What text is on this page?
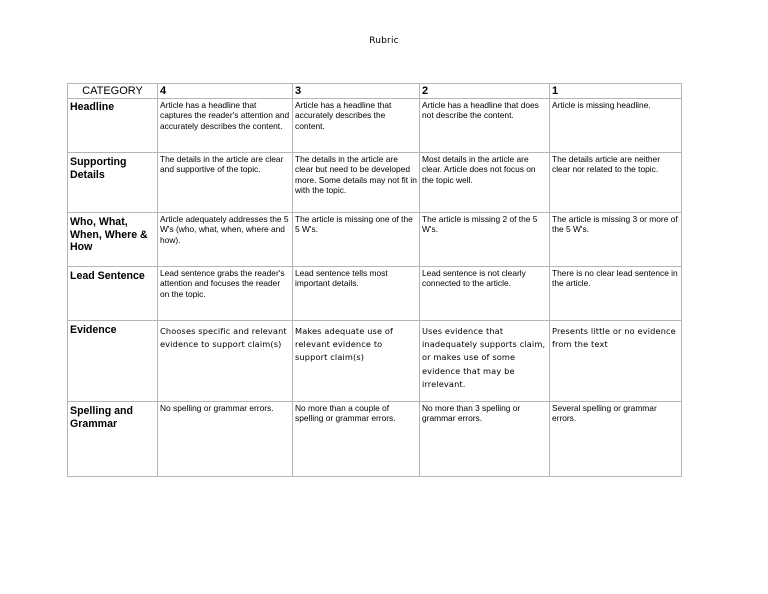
Rubric
CATEGORY	4	3	2	1
Headline	Article has a headline that captures the reader's attention and accurately describes the content.	Article has a headline that accurately describes the content.	Article has a headline that does not describe the content.	Article is missing headline.
Supporting Details	The details in the article are clear and supportive of the topic.	The details in the article are clear but need to be developed more. Some details may not fit in with the topic.	Most details in the article are clear. Article does not focus on the topic well.	The details article are neither clear nor related to the topic.
Who, What, When, Where & How	Article adequately addresses the 5 W's (who, what, when, where and how).	The article is missing one of the 5 W's.	The article is missing 2 of the 5 W's.	The article is missing 3 or more of the 5 W's.
Lead Sentence	Lead sentence grabs the reader's attention and focuses the reader on the topic.	Lead sentence tells most important details.	Lead sentence is not clearly connected to the article.	There is no clear lead sentence in the article.
Evidence	Chooses specific and relevant evidence to support claim(s)	Makes adequate use of relevant evidence to support claim(s)	Uses evidence that inadequately supports claim, or makes use of some evidence that may be irrelevant.	Presents little or no evidence from the text
Spelling and Grammar	No spelling or grammar errors.	No more than a couple of spelling or grammar errors.	No more than 3 spelling or grammar errors.	Several spelling or grammar errors.
